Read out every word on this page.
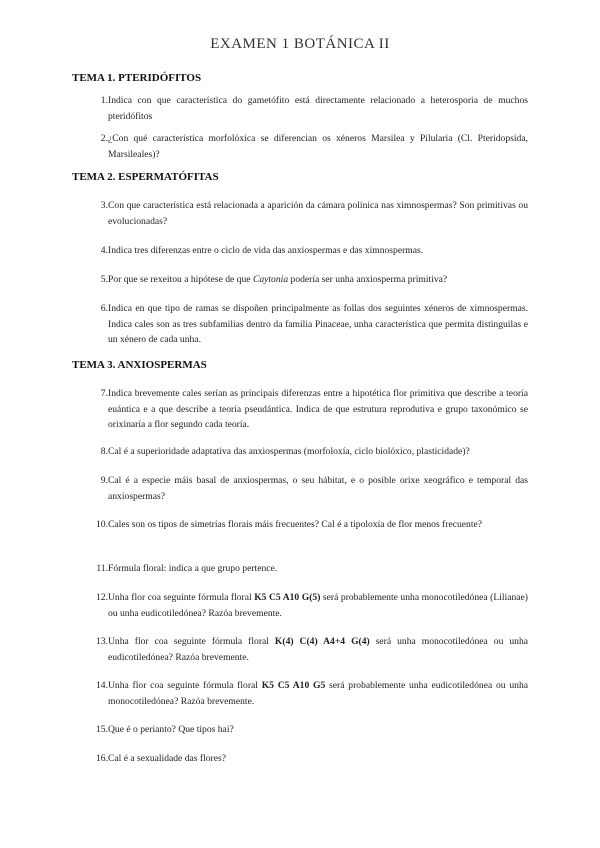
EXAMEN 1 BOTÁNICA II
TEMA 1. PTERIDÓFITOS
1. Indica con que característica do gametófito está directamente relacionado a heterosporia de muchos pteridófitos
2. ¿Con qué característica morfolóxica se diferencian os xéneros Marsilea y Pilularia (Cl. Pteridopsida, Marsileales)?
TEMA 2. ESPERMATÓFITAS
3. Con que característica está relacionada a aparición da cámara polínica nas ximnospermas? Son primitivas ou evolucionadas?
4. Indica tres diferenzas entre o ciclo de vida das anxiospermas e das ximnospermas.
5. Por que se rexeitou a hipótese de que Caytonia podería ser unha anxiosperma primitiva?
6. Indica en que tipo de ramas se dispoñen principalmente as follas dos seguintes xéneros de ximnospermas. Indica cales son as tres subfamilias dentro da familia Pinaceae, unha característica que permita distinguilas e un xénero de cada unha.
TEMA 3. ANXIOSPERMAS
7. Indica brevemente cales serían as principais diferenzas entre a hipotética flor primitiva que describe a teoría euántica e a que describe a teoría pseudántica. Indica de que estrutura reprodutiva e grupo taxonómico se orixinaría a flor segundo cada teoría.
8. Cal é a superioridade adaptativa das anxiospermas (morfoloxía, ciclo biolóxico, plasticidade)?
9. Cal é a especie máis basal de anxiospermas, o seu hábitat, e o posible orixe xeográfico e temporal das anxiospermas?
10. Cales son os tipos de simetrías florais máis frecuentes? Cal é a tipoloxía de flor menos frecuente?
11. Fórmula floral: indica a que grupo pertence.
12. Unha flor coa seguinte fórmula floral K5 C5 A10 G(5) será probablemente unha monocotiledónea (Lilianae) ou unha eudicotiledónea? Razóa brevemente.
13. Unha flor coa seguinte fórmula floral K(4) C(4) A4+4 G(4) será unha monocotiledónea ou unha eudicotiledónea? Razóa brevemente.
14. Unha flor coa seguinte fórmula floral K5 C5 A10 G5 será probablemente unha eudicotiledónea ou unha monocotiledónea? Razóa brevemente.
15. Que é o perianto? Que tipos hai?
16. Cal é a sexualidade das flores?
